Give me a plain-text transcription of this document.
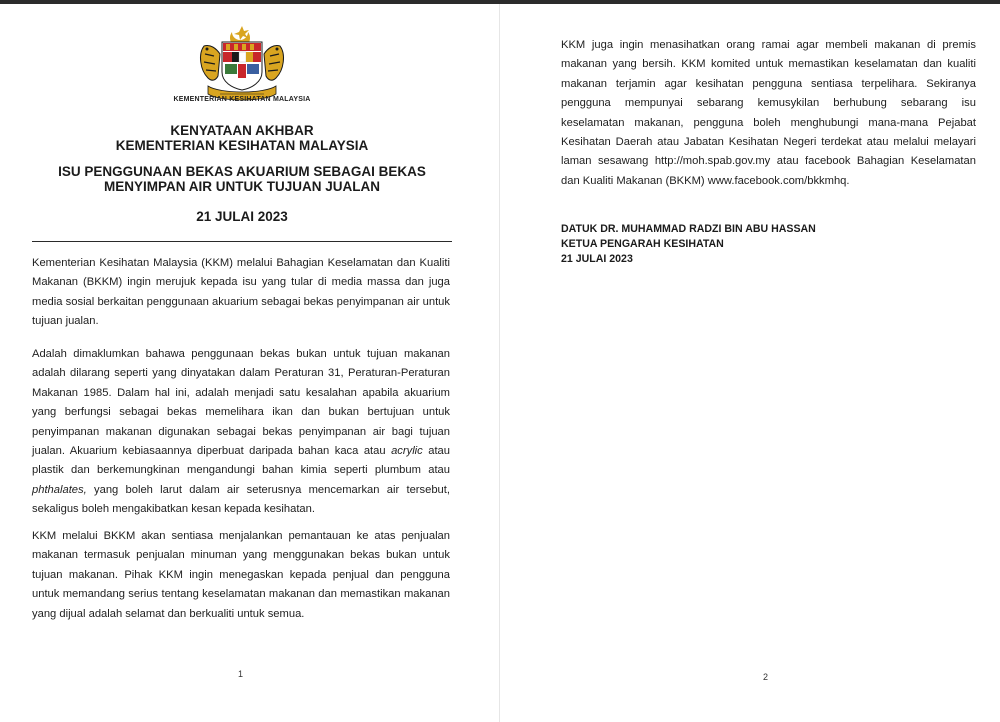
KEMENTERIAN KESIHATAN MALAYSIA
KENYATAAN AKHBAR
KEMENTERIAN KESIHATAN MALAYSIA
ISU PENGGUNAAN BEKAS AKUARIUM SEBAGAI BEKAS
MENYIMPAN AIR UNTUK TUJUAN JUALAN
21 JULAI 2023

Kementerian Kesihatan Malaysia (KKM) melalui Bahagian Keselamatan dan Kualiti Makanan (BKKM) ingin merujuk kepada isu yang tular di media massa dan juga media sosial berkaitan penggunaan akuarium sebagai bekas penyimpanan air untuk tujuan jualan.

Adalah dimaklumkan bahawa penggunaan bekas bukan untuk tujuan makanan adalah dilarang seperti yang dinyatakan dalam Peraturan 31, Peraturan-Peraturan Makanan 1985. Dalam hal ini, adalah menjadi satu kesalahan apabila akuarium yang berfungsi sebagai bekas memelihara ikan dan bukan bertujuan untuk penyimpanan makanan digunakan sebagai bekas penyimpanan air bagi tujuan jualan. Akuarium kebiasaannya diperbuat daripada bahan kaca atau acrylic atau plastik dan berkemungkinan mengandungi bahan kimia seperti plumbum atau phthalates, yang boleh larut dalam air seterusnya mencemarkan air tersebut, sekaligus boleh mengakibatkan kesan kepada kesihatan.

KKM melalui BKKM akan sentiasa menjalankan pemantauan ke atas penjualan makanan termasuk penjualan minuman yang menggunakan bekas bukan untuk tujuan makanan. Pihak KKM ingin menegaskan kepada penjual dan pengguna untuk memandang serius tentang keselamatan makanan dan memastikan makanan yang dijual adalah selamat dan berkualiti untuk semua.

1

KKM juga ingin menasihatkan orang ramai agar membeli makanan di premis makanan yang bersih. KKM komited untuk memastikan keselamatan dan kualiti makanan terjamin agar kesihatan pengguna sentiasa terpelihara. Sekiranya pengguna mempunyai sebarang kemusykilan berhubung sebarang isu keselamatan makanan, pengguna boleh menghubungi mana-mana Pejabat Kesihatan Daerah atau Jabatan Kesihatan Negeri terdekat atau melalui melayari laman sesawang http://moh.spab.gov.my atau facebook Bahagian Keselamatan dan Kualiti Makanan (BKKM) www.facebook.com/bkkmhq.

DATUK DR. MUHAMMAD RADZI BIN ABU HASSAN
KETUA PENGARAH KESIHATAN
21 JULAI 2023
2
